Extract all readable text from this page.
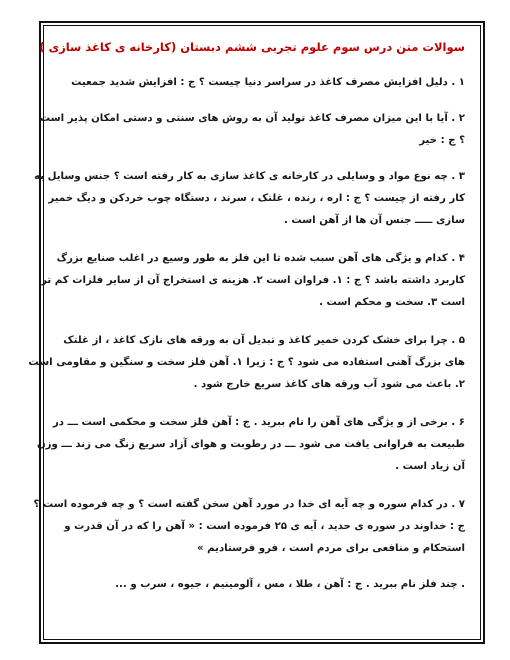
سوالات متن درس سوم علوم تجربی ششم دبستان (کارخانه ی کاغذ سازی )
۱ . دلیل افزایش مصرف کاغذ در سراسر دنیا چیست ؟ ج : افزایش شدید جمعیت
۲ . آیا با این میزان مصرف کاغذ تولید آن به روش های سنتی و دستی امکان پذیر است
؟ ج : خیر
۳ . چه نوع مواد و وسایلی در کارخانه ی کاغذ سازی به کار رفته است ؟ جنس وسایل به
کار رفته از چیست ؟ ج : اره ، رنده ، غلتک ، سرند ، دستگاه چوب خردکن و دیگ خمیر
سازی ـــــ جنس آن ها از آهن است .
۴ . کدام و یژگی های آهن سبب شده تا این فلز به طور وسیع در اغلب صنایع بزرگ
کاربرد داشته باشد ؟ ج : ۱. فراوان است ۲. هزینه ی استخراج آن از سایر فلزات کم تر
است ۳. سخت و محکم است .
۵ . چرا برای خشک کردن خمیر کاغذ و تبدیل آن به ورقه های نازک کاغذ ، از غلتک
های بزرگ آهنی استفاده می شود ؟ ج : زیرا ۱. آهن فلز سخت و سنگین و مقاومی است
۲. باعث می شود آب ورقه های کاغذ سریع خارج شود .
۶ . برخی از و یژگی های آهن را نام ببرید . ج : آهن فلز سخت و محکمی است ـــ در
طبیعت به فراوانی یافت می شود ـــ در رطوبت و هوای آزاد سریع زنگ می زند ـــ وزن
آن زیاد است .
۷ . در کدام سوره و چه آیه ای خدا در مورد آهن سخن گفته است ؟ و چه فرموده است ؟
ج : خداوند در سوره ی حدید ، آیه ی ۲۵ فرموده است : « آهن را که در آن قدرت و
استحکام و منافعی برای مردم است ، فرو فرستادیم »
. چند فلز نام ببرید . ج : آهن ، طلا ، مس ، آلومینیم ، جیوه ، سرب و ...
